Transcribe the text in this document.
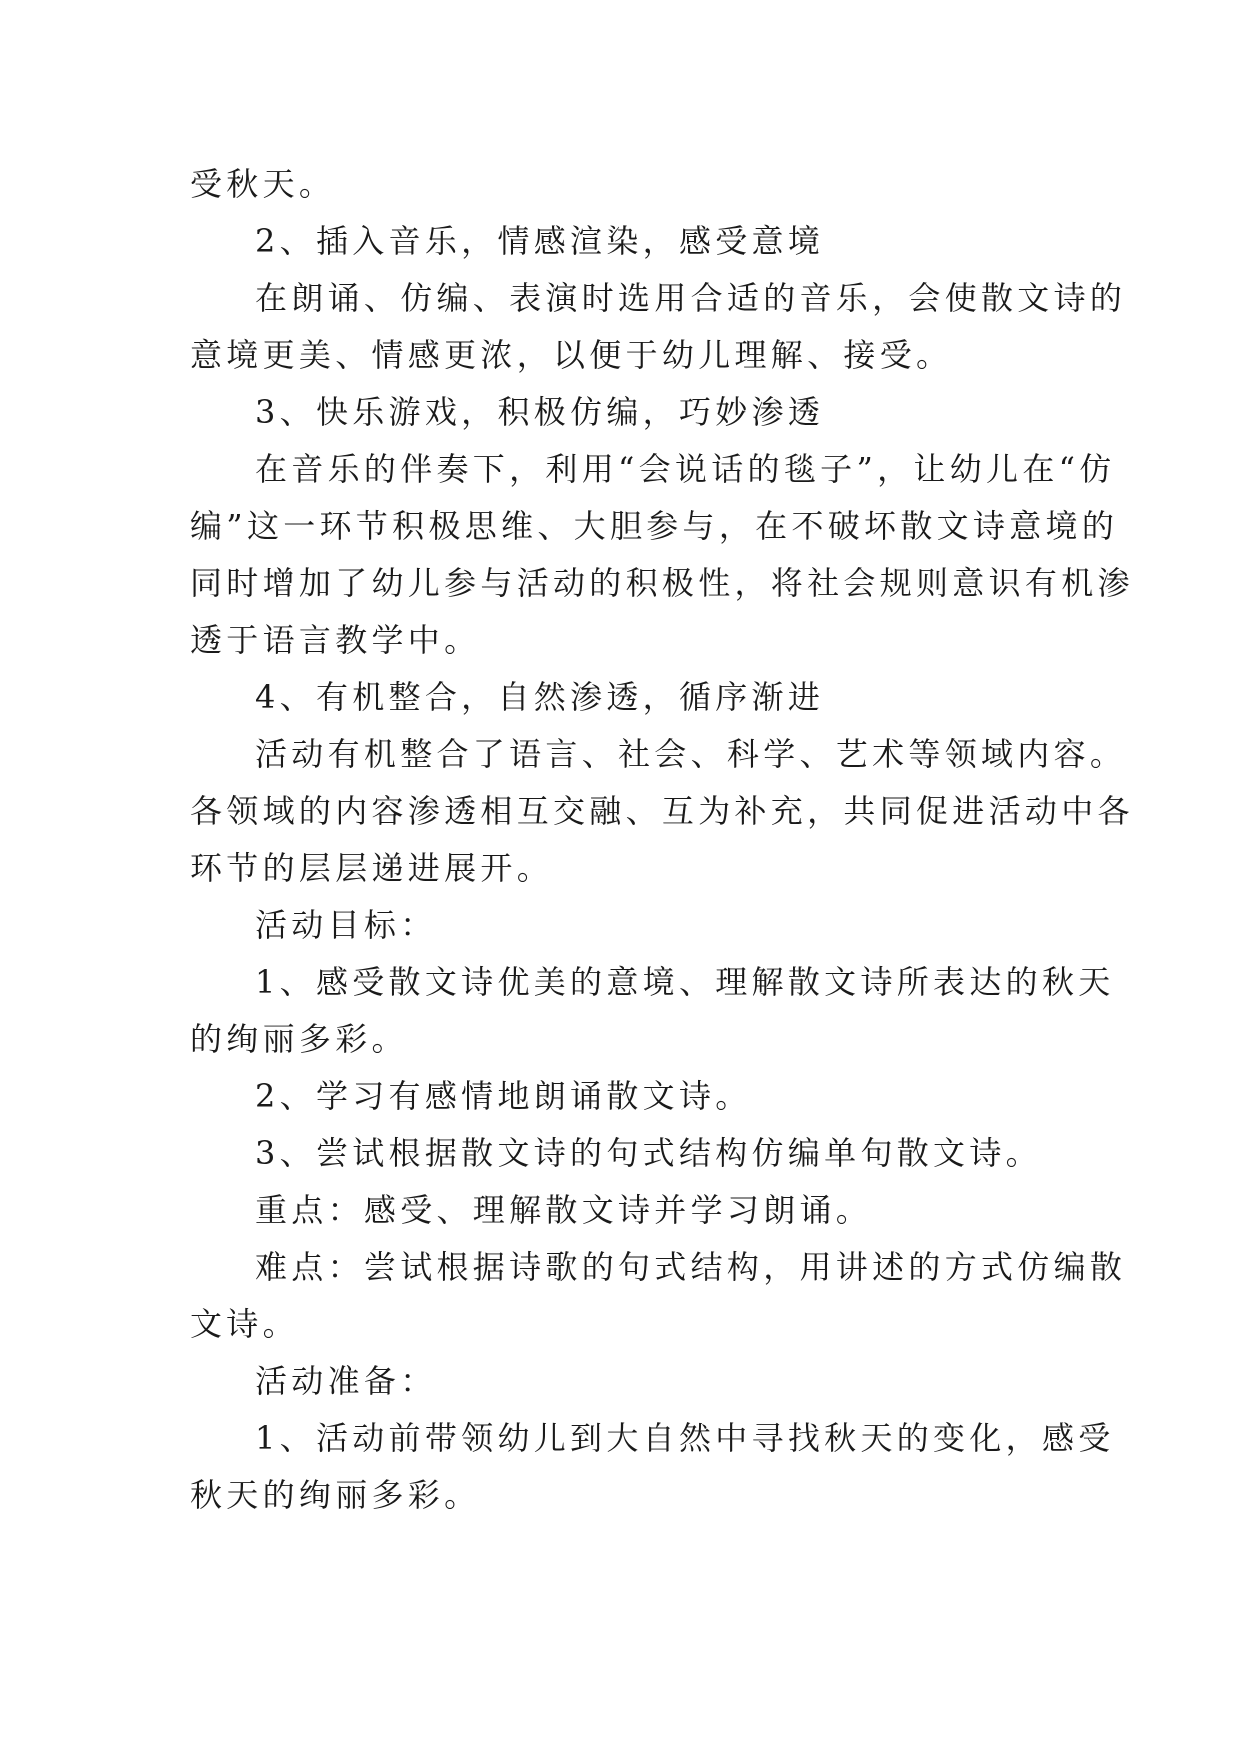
受秋天。
2、插入音乐，情感渲染，感受意境
在朗诵、仿编、表演时选用合适的音乐，会使散文诗的
意境更美、情感更浓，以便于幼儿理解、接受。
3、快乐游戏，积极仿编，巧妙渗透
在音乐的伴奏下，利用“会说话的毯子”，让幼儿在“仿
编”这一环节积极思维、大胆参与，在不破坏散文诗意境的
同时增加了幼儿参与活动的积极性，将社会规则意识有机渗
透于语言教学中。
4、有机整合，自然渗透，循序渐进
活动有机整合了语言、社会、科学、艺术等领域内容。
各领域的内容渗透相互交融、互为补充，共同促进活动中各
环节的层层递进展开。
活动目标：
1、感受散文诗优美的意境、理解散文诗所表达的秋天
的绚丽多彩。
2、学习有感情地朗诵散文诗。
3、尝试根据散文诗的句式结构仿编单句散文诗。
重点：感受、理解散文诗并学习朗诵。
难点：尝试根据诗歌的句式结构，用讲述的方式仿编散
文诗。
活动准备：
1、活动前带领幼儿到大自然中寻找秋天的变化，感受
秋天的绚丽多彩。
